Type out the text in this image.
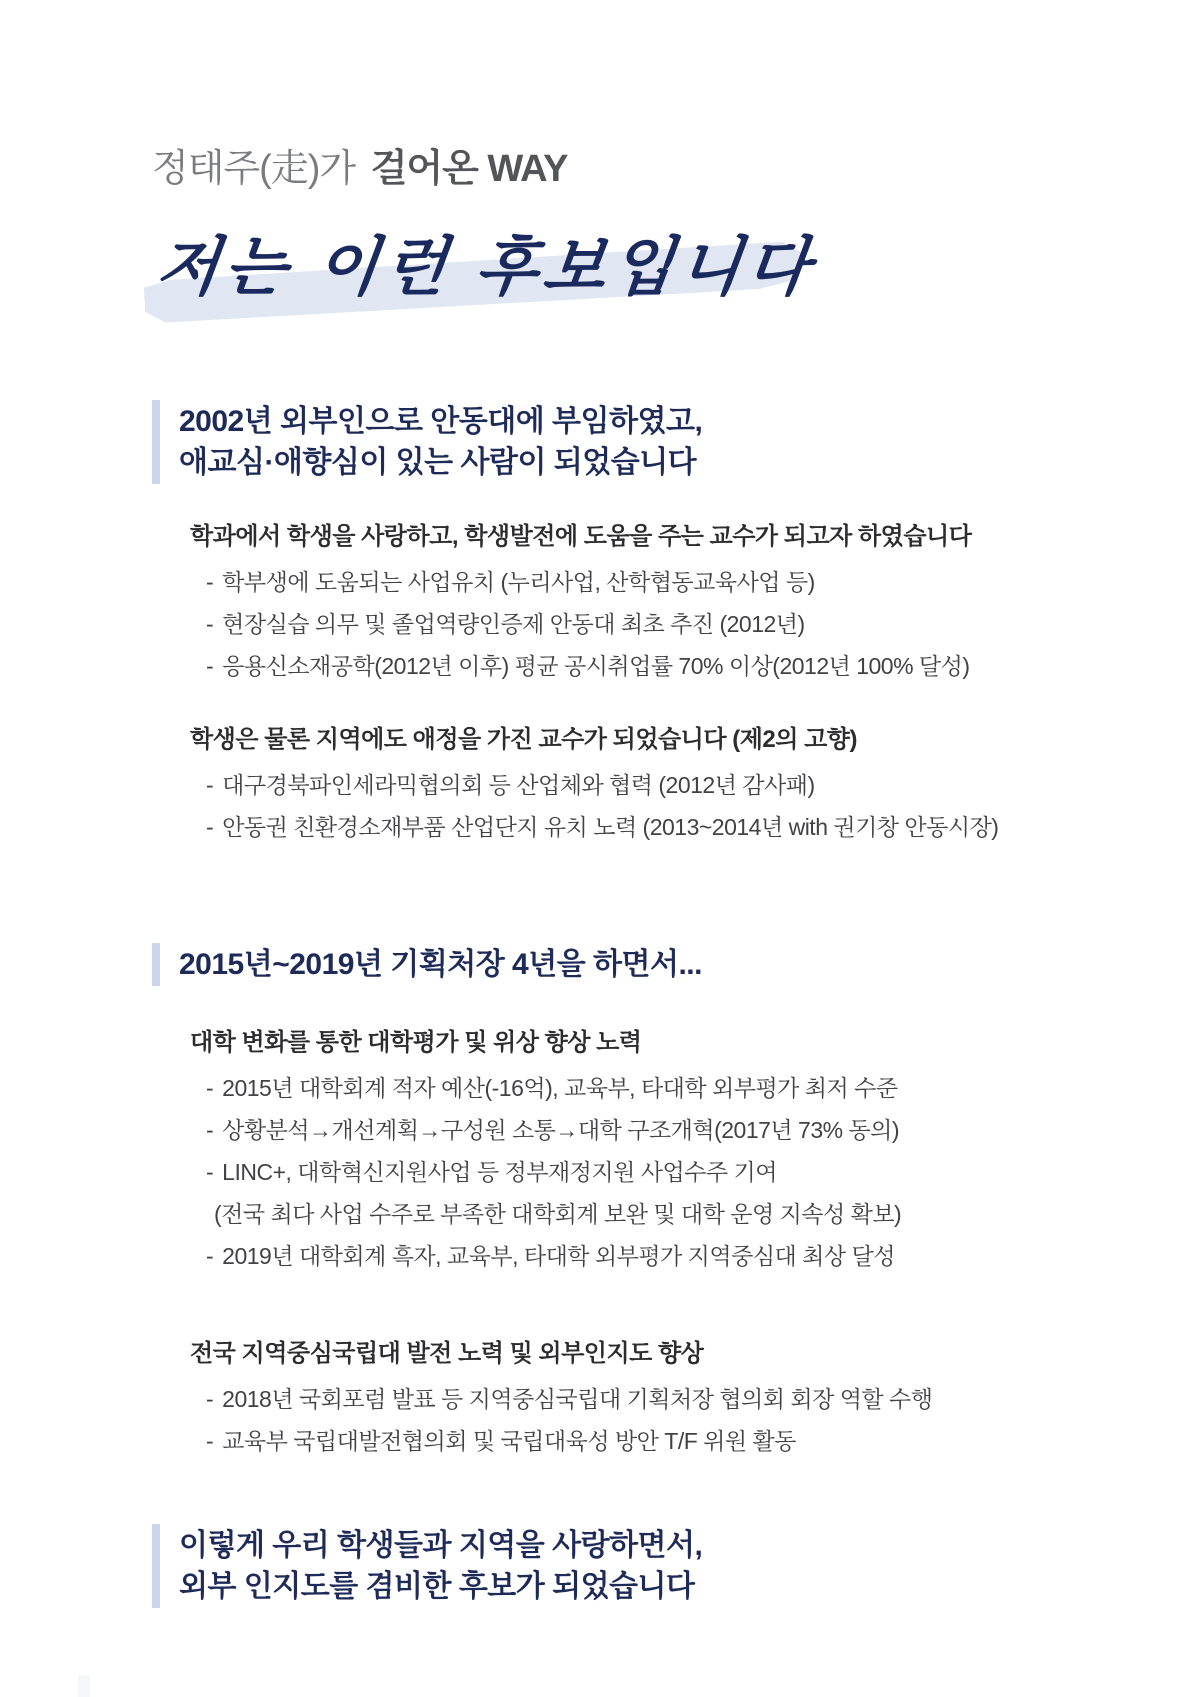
정태주(走)가 걸어온 WAY
저는 이런 후보입니다
2002년 외부인으로 안동대에 부임하였고,
애교심·애향심이 있는 사람이 되었습니다
학과에서 학생을 사랑하고, 학생발전에 도움을 주는 교수가 되고자 하였습니다
- 학부생에 도움되는 사업유치 (누리사업, 산학협동교육사업 등)
- 현장실습 의무 및 졸업역량인증제 안동대 최초 추진 (2012년)
- 응용신소재공학(2012년 이후) 평균 공시취업률 70% 이상(2012년 100% 달성)
학생은 물론 지역에도 애정을 가진 교수가 되었습니다 (제2의 고향)
- 대구경북파인세라믹협의회 등 산업체와 협력 (2012년 감사패)
- 안동권 친환경소재부품 산업단지 유치 노력 (2013~2014년 with 권기창 안동시장)
2015년~2019년 기획처장 4년을 하면서...
대학 변화를 통한 대학평가 및 위상 향상 노력
- 2015년 대학회계 적자 예산(-16억), 교육부, 타대학 외부평가 최저 수준
- 상황분석→개선계획→구성원 소통→대학 구조개혁(2017년 73% 동의)
- LINC+, 대학혁신지원사업 등 정부재정지원 사업수주 기여
(전국 최다 사업 수주로 부족한 대학회계 보완 및 대학 운영 지속성 확보)
- 2019년 대학회계 흑자, 교육부, 타대학 외부평가 지역중심대 최상 달성
전국 지역중심국립대 발전 노력 및 외부인지도 향상
- 2018년 국회포럼 발표 등 지역중심국립대 기획처장 협의회 회장 역할 수행
- 교육부 국립대발전협의회 및 국립대육성 방안 T/F 위원 활동
이렇게 우리 학생들과 지역을 사랑하면서,
외부 인지도를 겸비한 후보가 되었습니다
